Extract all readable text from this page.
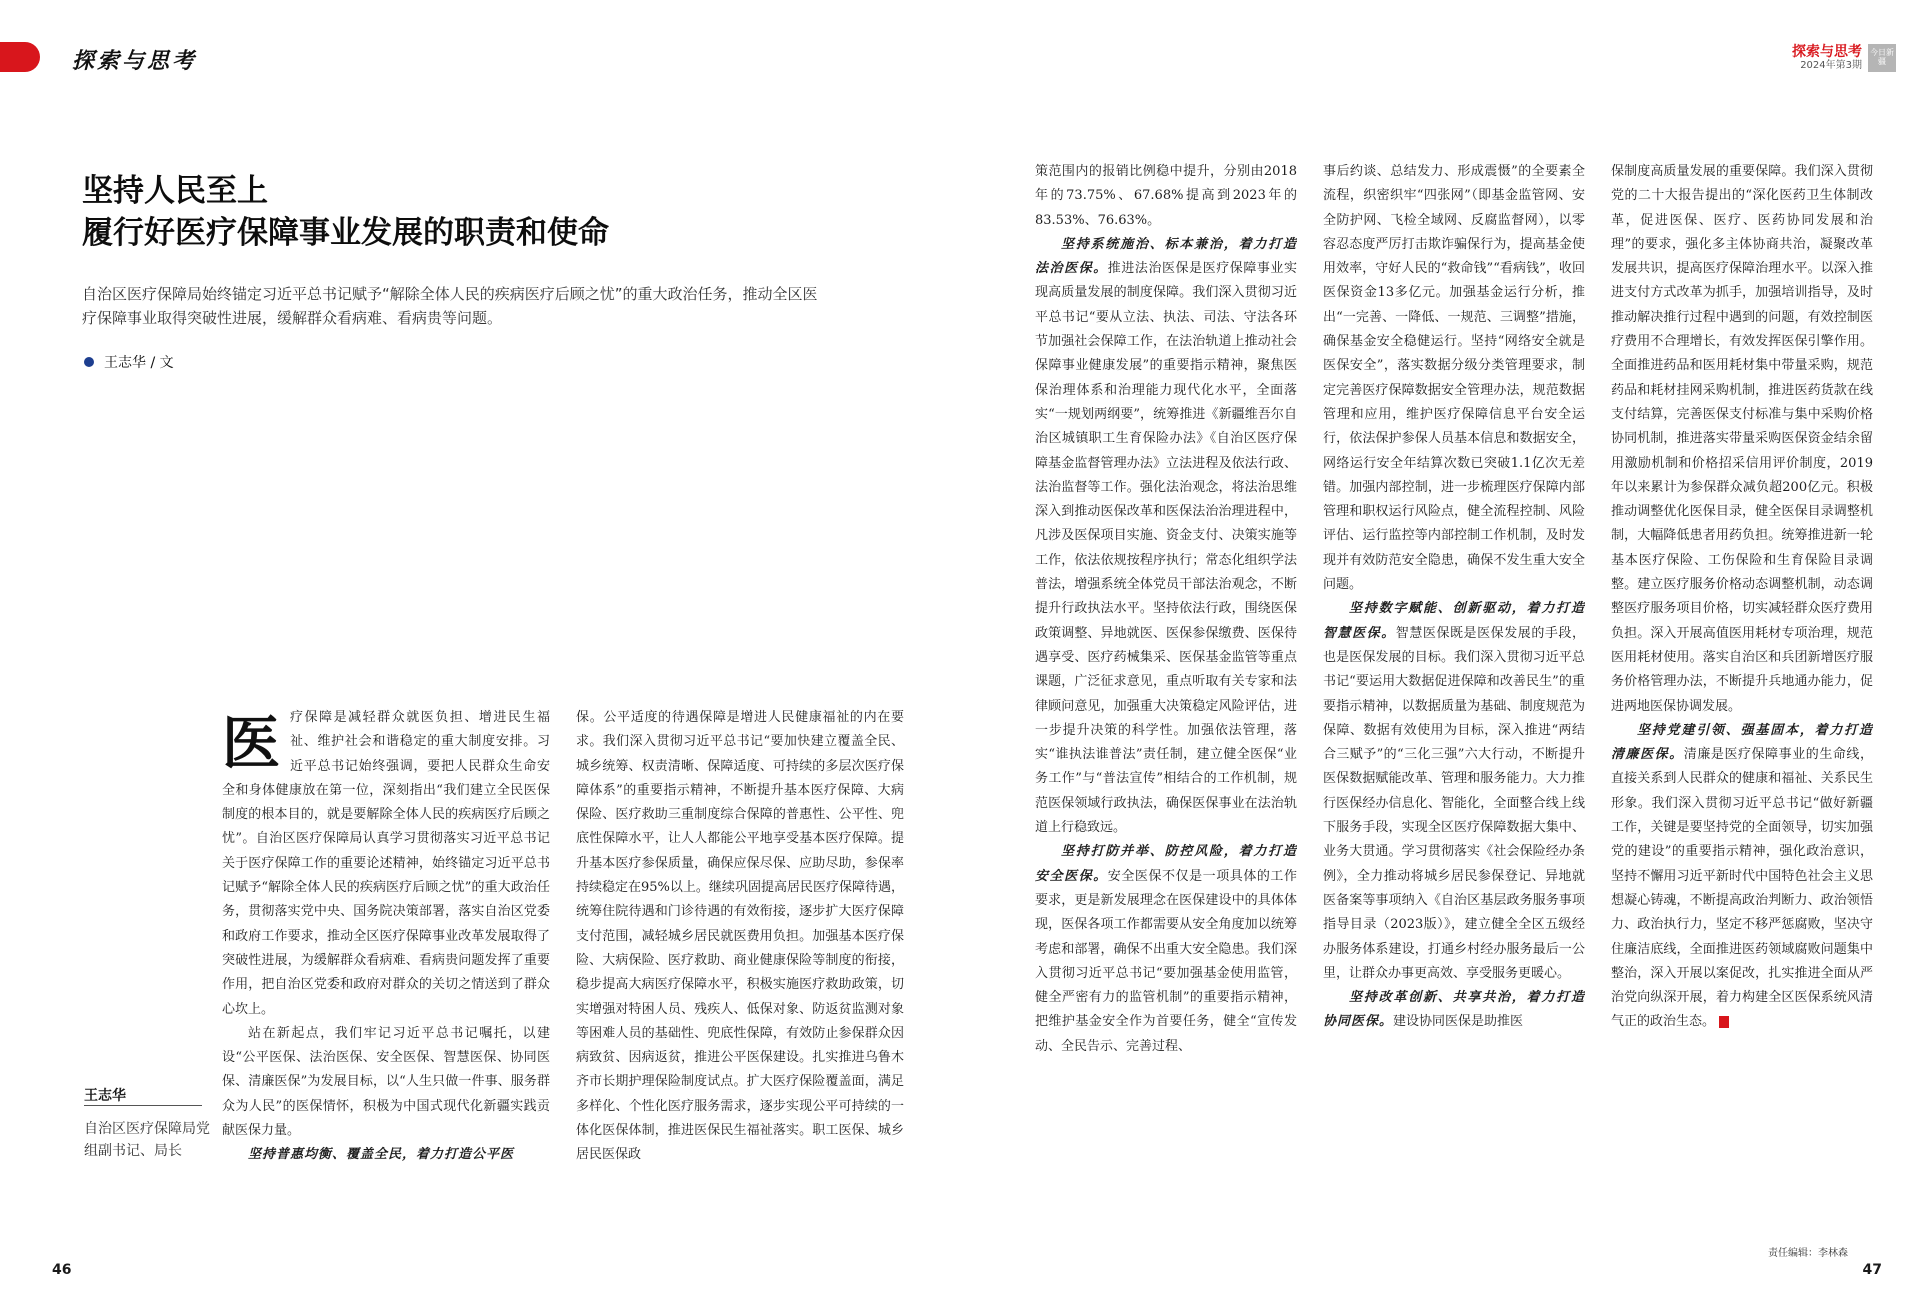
探索与思考	探索与思考
2024年第3期
今日新疆
坚持人民至上
履行好医疗保障事业发展的职责和使命
自治区医疗保障局始终锚定习近平总书记赋予“解除全体人民的疾病医疗后顾之忧”的重大政治任务，推动全区医疗保障事业取得突破性进展，缓解群众看病难、看病贵等问题。
王志华 / 文
王志华
自治区医疗保障局党组副书记、局长

医疗保障是减轻群众就医负担、增进民生福祉、维护社会和谐稳定的重大制度安排。习近平总书记始终强调，要把人民群众生命安全和身体健康放在第一位，深刻指出“我们建立全民医保制度的根本目的，就是要解除全体人民的疾病医疗后顾之忧”。自治区医疗保障局认真学习贯彻落实习近平总书记关于医疗保障工作的重要论述精神，始终锚定习近平总书记赋予“解除全体人民的疾病医疗后顾之忧”的重大政治任务，贯彻落实党中央、国务院决策部署，落实自治区党委和政府工作要求，推动全区医疗保障事业改革发展取得了突破性进展，为缓解群众看病难、看病贵问题发挥了重要作用，把自治区党委和政府对群众的关切之情送到了群众心坎上。

站在新起点，我们牢记习近平总书记嘱托，以建设“公平医保、法治医保、安全医保、智慧医保、协同医保、清廉医保”为发展目标，以“人生只做一件事、服务群众为人民”的医保情怀，积极为中国式现代化新疆实践贡献医保力量。

坚持普惠均衡、覆盖全民，着力打造公平医

保。公平适度的待遇保障是增进人民健康福祉的内在要求。我们深入贯彻习近平总书记“要加快建立覆盖全民、城乡统筹、权责清晰、保障适度、可持续的多层次医疗保障体系”的重要指示精神，不断提升基本医疗保障、大病保险、医疗救助三重制度综合保障的普惠性、公平性、兜底性保障水平，让人人都能公平地享受基本医疗保障。提升基本医疗参保质量，确保应保尽保、应助尽助，参保率持续稳定在95%以上。继续巩固提高居民医疗保障待遇，统筹住院待遇和门诊待遇的有效衔接，逐步扩大医疗保障支付范围，减轻城乡居民就医费用负担。加强基本医疗保险、大病保险、医疗救助、商业健康保险等制度的衔接，稳步提高大病医疗保障水平，积极实施医疗救助政策，切实增强对特困人员、残疾人、低保对象、防返贫监测对象等困难人员的基础性、兜底性保障，有效防止参保群众因病致贫、因病返贫，推进公平医保建设。扎实推进乌鲁木齐市长期护理保险制度试点。扩大医疗保险覆盖面，满足多样化、个性化医疗服务需求，逐步实现公平可持续的一体化医保体制，推进医保民生福祉落实。职工医保、城乡居民医保政

策范围内的报销比例稳中提升，分别由2018年的73.75%、67.68%提高到2023年的83.53%、76.63%。

坚持系统施治、标本兼治，着力打造法治医保。推进法治医保是医疗保障事业实现高质量发展的制度保障。我们深入贯彻习近平总书记“要从立法、执法、司法、守法各环节加强社会保障工作，在法治轨道上推动社会保障事业健康发展”的重要指示精神，聚焦医保治理体系和治理能力现代化水平，全面落实“一规划两纲要”，统筹推进《新疆维吾尔自治区城镇职工生育保险办法》《自治区医疗保障基金监督管理办法》立法进程及依法行政、法治监督等工作。强化法治观念，将法治思维深入到推动医保改革和医保法治治理进程中，凡涉及医保项目实施、资金支付、决策实施等工作，依法依规按程序执行；常态化组织学法普法，增强系统全体党员干部法治观念，不断提升行政执法水平。坚持依法行政，围绕医保政策调整、异地就医、医保参保缴费、医保待遇享受、医疗药械集采、医保基金监管等重点课题，广泛征求意见，重点听取有关专家和法律顾问意见，加强重大决策稳定风险评估，进一步提升决策的科学性。加强依法管理，落实“谁执法谁普法”责任制，建立健全医保“业务工作”与“普法宣传”相结合的工作机制，规范医保领域行政执法，确保医保事业在法治轨道上行稳致远。

坚持打防并举、防控风险，着力打造安全医保。安全医保不仅是一项具体的工作要求，更是新发展理念在医保建设中的具体体现，医保各项工作都需要从安全角度加以统筹考虑和部署，确保不出重大安全隐患。我们深入贯彻习近平总书记“要加强基金使用监管，健全严密有力的监管机制”的重要指示精神，把维护基金安全作为首要任务，健全“宣传发动、全民告示、完善过程、

事后约谈、总结发力、形成震慑”的全要素全流程，织密织牢“四张网”（即基金监管网、安全防护网、飞检全域网、反腐监督网），以零容忍态度严厉打击欺诈骗保行为，提高基金使用效率，守好人民的“救命钱”“看病钱”，收回医保资金13多亿元。加强基金运行分析，推出“一完善、一降低、一规范、三调整”措施，确保基金安全稳健运行。坚持“网络安全就是医保安全”，落实数据分级分类管理要求，制定完善医疗保障数据安全管理办法，规范数据管理和应用，维护医疗保障信息平台安全运行，依法保护参保人员基本信息和数据安全，网络运行安全年结算次数已突破1.1亿次无差错。加强内部控制，进一步梳理医疗保障内部管理和职权运行风险点，健全流程控制、风险评估、运行监控等内部控制工作机制，及时发现并有效防范安全隐患，确保不发生重大安全问题。

坚持数字赋能、创新驱动，着力打造智慧医保。智慧医保既是医保发展的手段，也是医保发展的目标。我们深入贯彻习近平总书记“要运用大数据促进保障和改善民生”的重要指示精神，以数据质量为基础、制度规范为保障、数据有效使用为目标，深入推进“两结合三赋予”的“三化三强”六大行动，不断提升医保数据赋能改革、管理和服务能力。大力推行医保经办信息化、智能化，全面整合线上线下服务手段，实现全区医疗保障数据大集中、业务大贯通。学习贯彻落实《社会保险经办条例》，全力推动将城乡居民参保登记、异地就医备案等事项纳入《自治区基层政务服务事项指导目录（2023版）》，建立健全全区五级经办服务体系建设，打通乡村经办服务最后一公里，让群众办事更高效、享受服务更暖心。

坚持改革创新、共享共治，着力打造协同医保。建设协同医保是助推医

保制度高质量发展的重要保障。我们深入贯彻党的二十大报告提出的“深化医药卫生体制改革，促进医保、医疗、医药协同发展和治理”的要求，强化多主体协商共治，凝聚改革发展共识，提高医疗保障治理水平。以深入推进支付方式改革为抓手，加强培训指导，及时推动解决推行过程中遇到的问题，有效控制医疗费用不合理增长，有效发挥医保引擎作用。全面推进药品和医用耗材集中带量采购，规范药品和耗材挂网采购机制，推进医药货款在线支付结算，完善医保支付标准与集中采购价格协同机制，推进落实带量采购医保资金结余留用激励机制和价格招采信用评价制度，2019年以来累计为参保群众减负超200亿元。积极推动调整优化医保目录，健全医保目录调整机制，大幅降低患者用药负担。统筹推进新一轮基本医疗保险、工伤保险和生育保险目录调整。建立医疗服务价格动态调整机制，动态调整医疗服务项目价格，切实减轻群众医疗费用负担。深入开展高值医用耗材专项治理，规范医用耗材使用。落实自治区和兵团新增医疗服务价格管理办法，不断提升兵地通办能力，促进两地医保协调发展。

坚持党建引领、强基固本，着力打造清廉医保。清廉是医疗保障事业的生命线，直接关系到人民群众的健康和福祉、关系民生形象。我们深入贯彻习近平总书记“做好新疆工作，关键是要坚持党的全面领导，切实加强党的建设”的重要指示精神，强化政治意识，坚持不懈用习近平新时代中国特色社会主义思想凝心铸魂，不断提高政治判断力、政治领悟力、政治执行力，坚定不移严惩腐败，坚决守住廉洁底线，全面推进医药领域腐败问题集中整治，深入开展以案促改，扎实推进全面从严治党向纵深开展，着力构建全区医保系统风清气正的政治生态。

46
责任编辑：李林森
47
